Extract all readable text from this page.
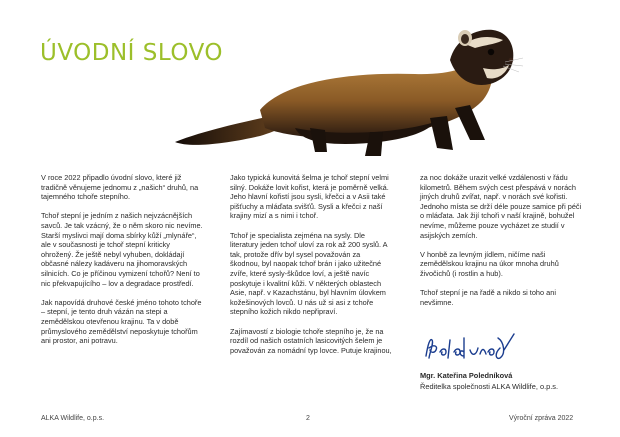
ÚVODNÍ SLOVO

V roce 2022 připadlo úvodní slovo, které již tradičně věnujeme jednomu z „našich“ druhů, na tajemného tchoře stepního.

Tchoř stepní je jedním z našich nejvzácnějších savců. Je tak vzácný, že o něm skoro nic nevíme. Starší myslivci mají doma sbírky kůží „mlynáře“, ale v současnosti je tchoř stepní kriticky ohrožený. Že ještě nebyl vyhuben, dokládají občasné nálezy kadáveru na jihomoravských silnicích. Co je příčinou vymizení tchořů? Není to nic překvapujícího – lov a degradace prostředí.

Jak napovídá druhové české jméno tohoto tchoře – stepní, je tento druh vázán na stepi a zemědělskou otevřenou krajinu. Ta v době průmyslového zemědělství neposkytuje tchořům ani prostor, ani potravu.

Jako typická kunovitá šelma je tchoř stepní velmi silný. Dokáže lovit kořist, která je poměrně velká. Jeho hlavní kořistí jsou sysli, křečci a v Asii také pišťuchy a mláďata svišťů. Sysli a křečci z naší krajiny mizí a s nimi i tchoř.

Tchoř je specialista zejména na sysly. Dle literatury jeden tchoř uloví za rok až 200 syslů. A tak, protože dřív byl sysel považován za škodnou, byl naopak tchoř brán i jako užitečné zvíře, které sysly-škůdce loví, a ještě navíc poskytuje i kvalitní kůži. V některých oblastech Asie, např. v Kazachstánu, byl hlavním úlovkem kožešinových lovců. U nás už si asi z tchoře stepního kožich nikdo nepřipraví.

Zajímavostí z biologie tchoře stepního je, že na rozdíl od našich ostatních lasicovitých šelem je považován za nomádní typ lovce. Putuje krajinou,

za noc dokáže urazit velké vzdálenosti v řádu kilometrů. Během svých cest přespává v norách jiných druhů zvířat, např. v norách své kořisti. Jednoho místa se drží déle pouze samice při péči o mláďata. Jak žijí tchoři v naší krajině, bohužel nevíme, můžeme pouze vycházet ze studií v asijských zemích.

V honbě za levným jídlem, ničíme naši zemědělskou krajinu na úkor mnoha druhů živočichů (i rostlin a hub).

Tchoř stepní je na řadě a nikdo si toho ani nevšimne.

Mgr. Kateřina Poledníková
Ředitelka společnosti ALKA Wildlife, o.p.s.
ALKA Wildlife, o.p.s.	2	Výroční zpráva 2022
